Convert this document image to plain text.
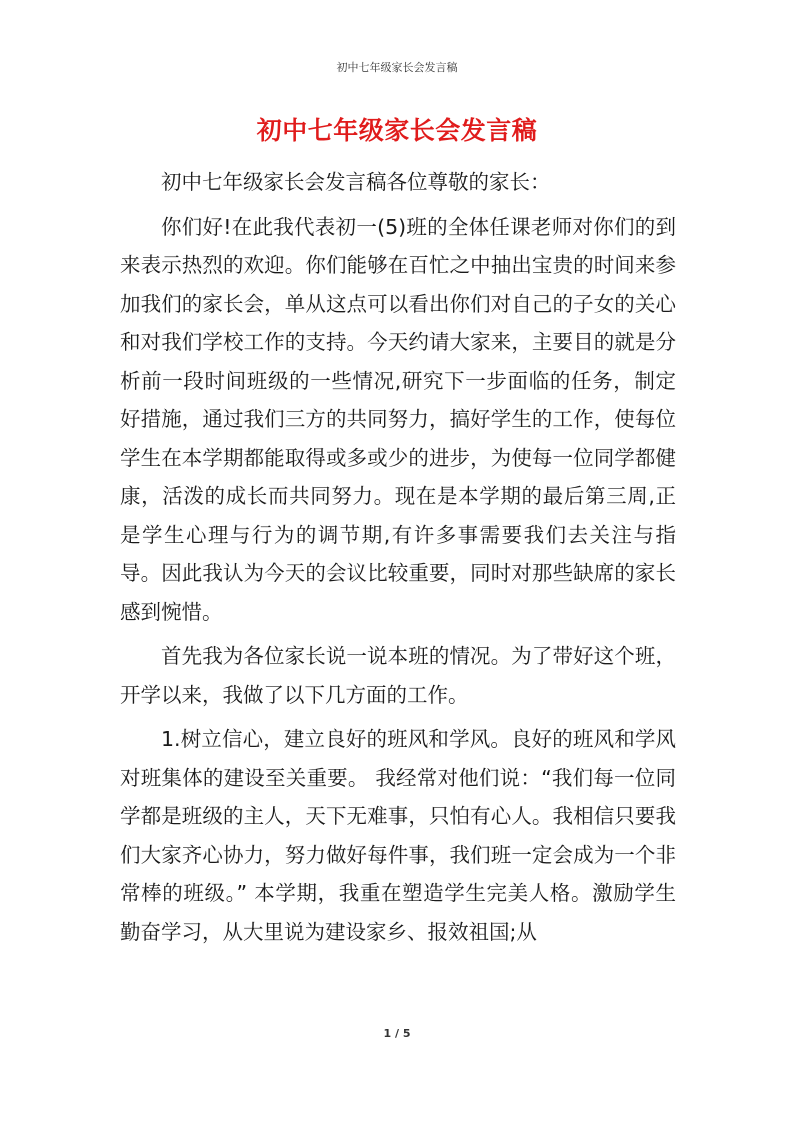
初中七年级家长会发言稿
初中七年级家长会发言稿

初中七年级家长会发言稿各位尊敬的家长：

你们好!在此我代表初一(5)班的全体任课老师对你们的到来表示热烈的欢迎。你们能够在百忙之中抽出宝贵的时间来参加我们的家长会，单从这点可以看出你们对自己的子女的关心和对我们学校工作的支持。今天约请大家来，主要目的就是分析前一段时间班级的一些情况,研究下一步面临的任务，制定好措施，通过我们三方的共同努力，搞好学生的工作，使每位学生在本学期都能取得或多或少的进步，为使每一位同学都健康，活泼的成长而共同努力。现在是本学期的最后第三周,正是学生心理与行为的调节期,有许多事需要我们去关注与指导。因此我认为今天的会议比较重要，同时对那些缺席的家长感到惋惜。

首先我为各位家长说一说本班的情况。为了带好这个班，开学以来，我做了以下几方面的工作。

1.树立信心，建立良好的班风和学风。良好的班风和学风对班集体的建设至关重要。 我经常对他们说：“我们每一位同学都是班级的主人，天下无难事，只怕有心人。我相信只要我们大家齐心协力，努力做好每件事，我们班一定会成为一个非常棒的班级。” 本学期，我重在塑造学生完美人格。激励学生勤奋学习，从大里说为建设家乡、报效祖国;从

1 / 5
